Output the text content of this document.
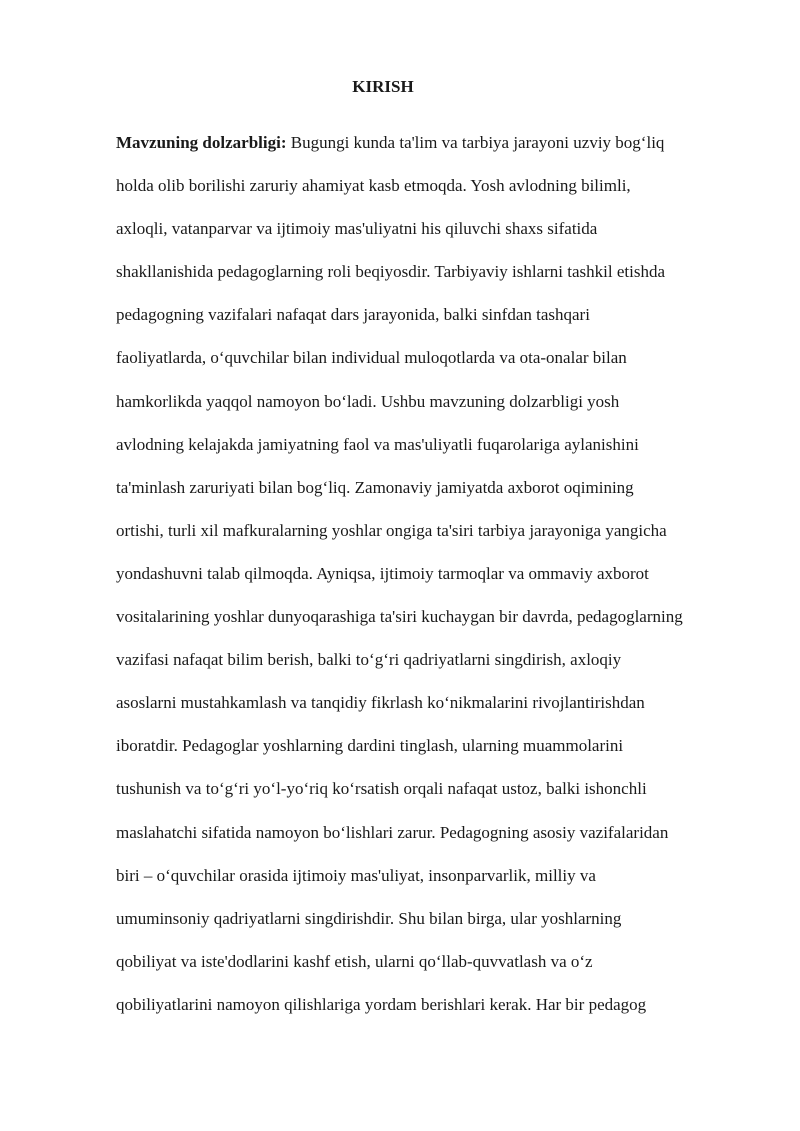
KIRISH
Mavzuning dolzarbligi: Bugungi kunda ta'lim va tarbiya jarayoni uzviy bog‘liq
holda olib borilishi zaruriy ahamiyat kasb etmoqda. Yosh avlodning bilimli,
axloqli, vatanparvar va ijtimoiy mas'uliyatni his qiluvchi shaxs sifatida
shakllanishida pedagoglarning roli beqiyosdir. Tarbiyaviy ishlarni tashkil etishda
pedagogning vazifalari nafaqat dars jarayonida, balki sinfdan tashqari
faoliyatlarda, o‘quvchilar bilan individual muloqotlarda va ota-onalar bilan
hamkorlikda yaqqol namoyon bo‘ladi. Ushbu mavzuning dolzarbligi yosh
avlodning kelajakda jamiyatning faol va mas'uliyatli fuqarolariga aylanishini
ta'minlash zaruriyati bilan bog‘liq. Zamonaviy jamiyatda axborot oqimining
ortishi, turli xil mafkuralarning yoshlar ongiga ta'siri tarbiya jarayoniga yangicha
yondashuvni talab qilmoqda. Ayniqsa, ijtimoiy tarmoqlar va ommaviy axborot
vositalarining yoshlar dunyoqarashiga ta'siri kuchaygan bir davrda, pedagoglarning
vazifasi nafaqat bilim berish, balki to‘g‘ri qadriyatlarni singdirish, axloqiy
asoslarni mustahkamlash va tanqidiy fikrlash ko‘nikmalarini rivojlantirishdan
iboratdir. Pedagoglar yoshlarning dardini tinglash, ularning muammolarini
tushunish va to‘g‘ri yo‘l-yo‘riq ko‘rsatish orqali nafaqat ustoz, balki ishonchli
maslahatchi sifatida namoyon bo‘lishlari zarur. Pedagogning asosiy vazifalaridan
biri – o‘quvchilar orasida ijtimoiy mas'uliyat, insonparvarlik, milliy va
umuminsoniy qadriyatlarni singdirishdir. Shu bilan birga, ular yoshlarning
qobiliyat va iste'dodlarini kashf etish, ularni qo‘llab-quvvatlash va o‘z
qobiliyatlarini namoyon qilishlariga yordam berishlari kerak. Har bir pedagog
